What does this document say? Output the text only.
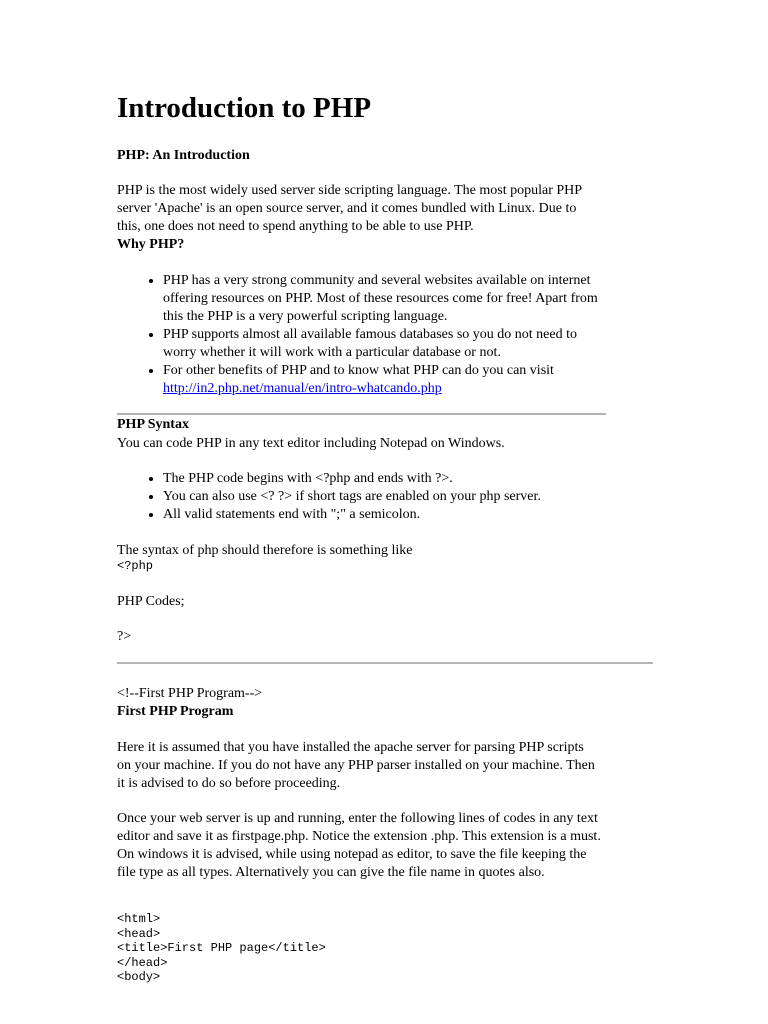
Introduction to PHP
PHP: An Introduction
PHP is the most widely used server side scripting language. The most popular PHP
server 'Apache' is an open source server, and it comes bundled with Linux. Due to
this, one does not need to spend anything to be able to use PHP.
Why PHP?
• PHP has a very strong community and several websites available on internet
offering resources on PHP. Most of these resources come for free! Apart from
this the PHP is a very powerful scripting language.
• PHP supports almost all available famous databases so you do not need to
worry whether it will work with a particular database or not.
• For other benefits of PHP and to know what PHP can do you can visit
http://in2.php.net/manual/en/intro-whatcando.php
PHP Syntax
You can code PHP in any text editor including Notepad on Windows.
• The PHP code begins with <?php and ends with ?>.
• You can also use <? ?> if short tags are enabled on your php server.
• All valid statements end with ";" a semicolon.
The syntax of php should therefore is something like
<?php
PHP Codes;
?>
<!--First PHP Program-->
First PHP Program
Here it is assumed that you have installed the apache server for parsing PHP scripts
on your machine. If you do not have any PHP parser installed on your machine. Then
it is advised to do so before proceeding.
Once your web server is up and running, enter the following lines of codes in any text
editor and save it as firstpage.php. Notice the extension .php. This extension is a must.
On windows it is advised, while using notepad as editor, to save the file keeping the
file type as all types. Alternatively you can give the file name in quotes also.
<html>
<head>
<title>First PHP page</title>
</head>
<body>
